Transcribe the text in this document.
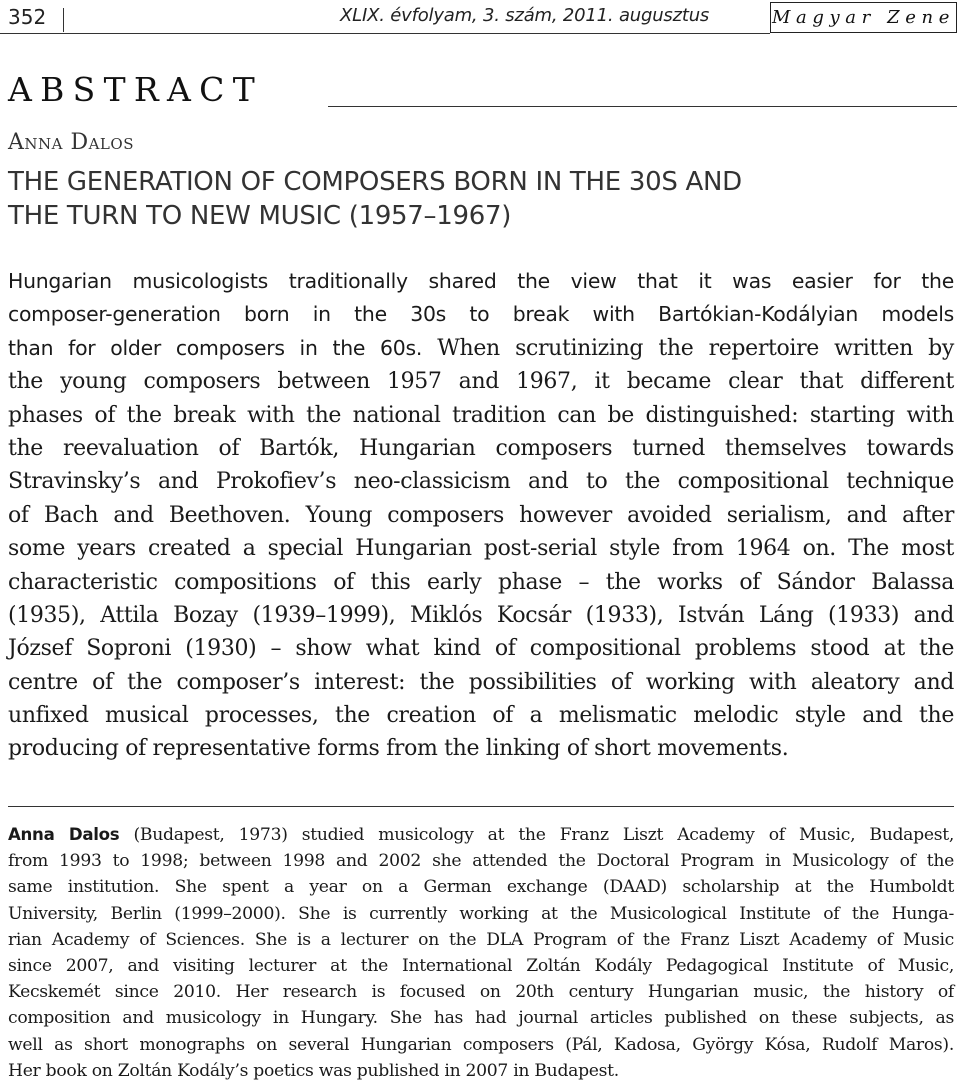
352	XLIX. évfolyam, 3. szám, 2011. augusztus	Magyar Zene
ABSTRACT
Anna Dalos
THE GENERATION OF COMPOSERS BORN IN THE 30S AND
THE TURN TO NEW MUSIC (1957–1967)
Hungarian musicologists traditionally shared the view that it was easier for the
composer-generation born in the 30s to break with Bartókian-Kodályian models
than for older composers in the 60s. When scrutinizing the repertoire written by
the young composers between 1957 and 1967, it became clear that different
phases of the break with the national tradition can be distinguished: starting with
the reevaluation of Bartók, Hungarian composers turned themselves towards
Stravinsky’s and Prokofiev’s neo-classicism and to the compositional technique
of Bach and Beethoven. Young composers however avoided serialism, and after
some years created a special Hungarian post-serial style from 1964 on. The most
characteristic compositions of this early phase – the works of Sándor Balassa
(1935), Attila Bozay (1939–1999), Miklós Kocsár (1933), István Láng (1933) and
József Soproni (1930) – show what kind of compositional problems stood at the
centre of the composer’s interest: the possibilities of working with aleatory and
unfixed musical processes, the creation of a melismatic melodic style and the
producing of representative forms from the linking of short movements.
Anna Dalos (Budapest, 1973) studied musicology at the Franz Liszt Academy of Music, Budapest,
from 1993 to 1998; between 1998 and 2002 she attended the Doctoral Program in Musicology of the
same institution. She spent a year on a German exchange (DAAD) scholarship at the Humboldt
University, Berlin (1999–2000). She is currently working at the Musicological Institute of the Hunga-
rian Academy of Sciences. She is a lecturer on the DLA Program of the Franz Liszt Academy of Music
since 2007, and visiting lecturer at the International Zoltán Kodály Pedagogical Institute of Music,
Kecskemét since 2010. Her research is focused on 20th century Hungarian music, the history of
composition and musicology in Hungary. She has had journal articles published on these subjects, as
well as short monographs on several Hungarian composers (Pál, Kadosa, György Kósa, Rudolf Maros).
Her book on Zoltán Kodály’s poetics was published in 2007 in Budapest.
